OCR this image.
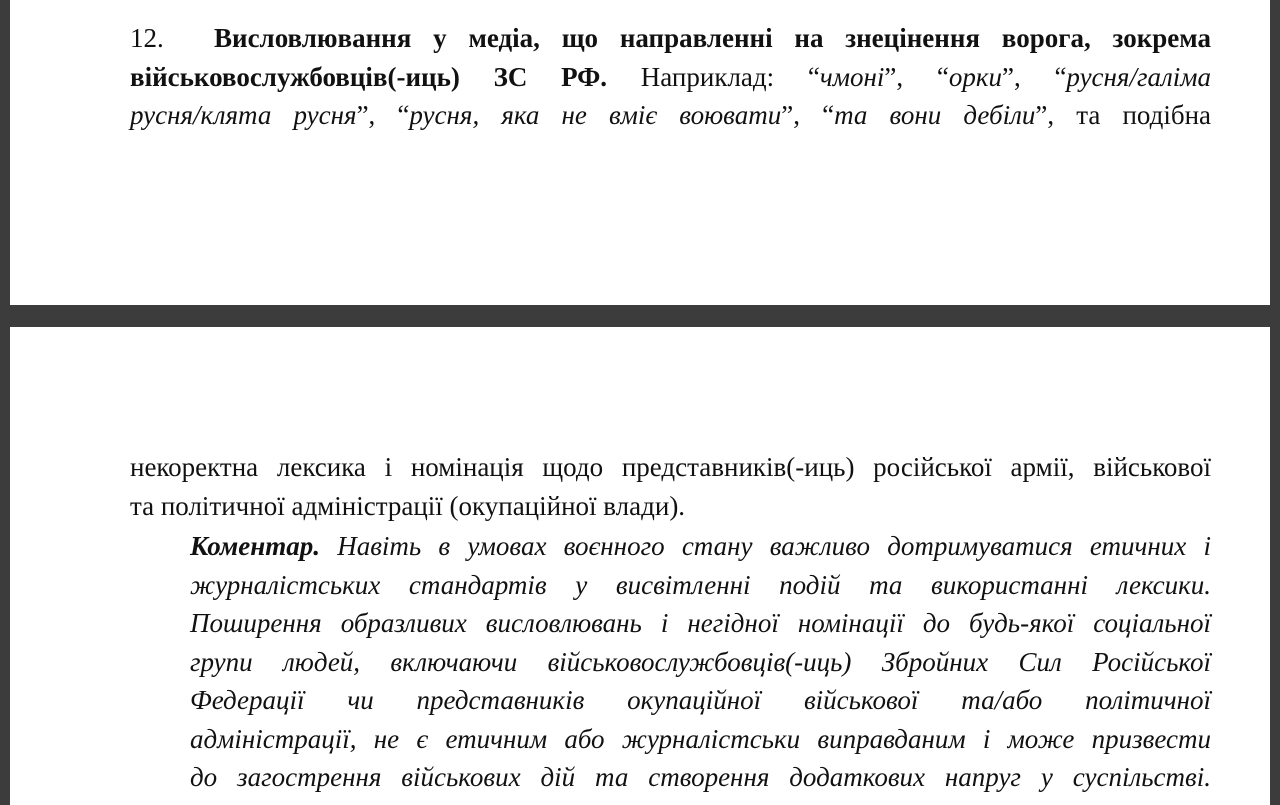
12. Висловлювання у медіа, що направленні на знецінення ворога, зокрема
військовослужбовців(-иць) ЗС РФ. Наприклад: “чмоні”, “орки”, “русня/галіма
русня/клята русня”, “русня, яка не вміє воювати”, “та вони дебіли”, та подібна
некоректна лексика і номінація щодо представників(-иць) російської армії, військової
та політичної адміністрації (окупаційної влади).
Коментар. Навіть в умовах воєнного стану важливо дотримуватися етичних і
журналістських стандартів у висвітленні подій та використанні лексики.
Поширення образливих висловлювань і негідної номінації до будь-якої соціальної
групи людей, включаючи військовослужбовців(-иць) Збройних Сил Російської
Федерації чи представників окупаційної військової та/або політичної
адміністрації, не є етичним або журналістськи виправданим і може призвести
до загострення військових дій та створення додаткових напруг у суспільстві.
